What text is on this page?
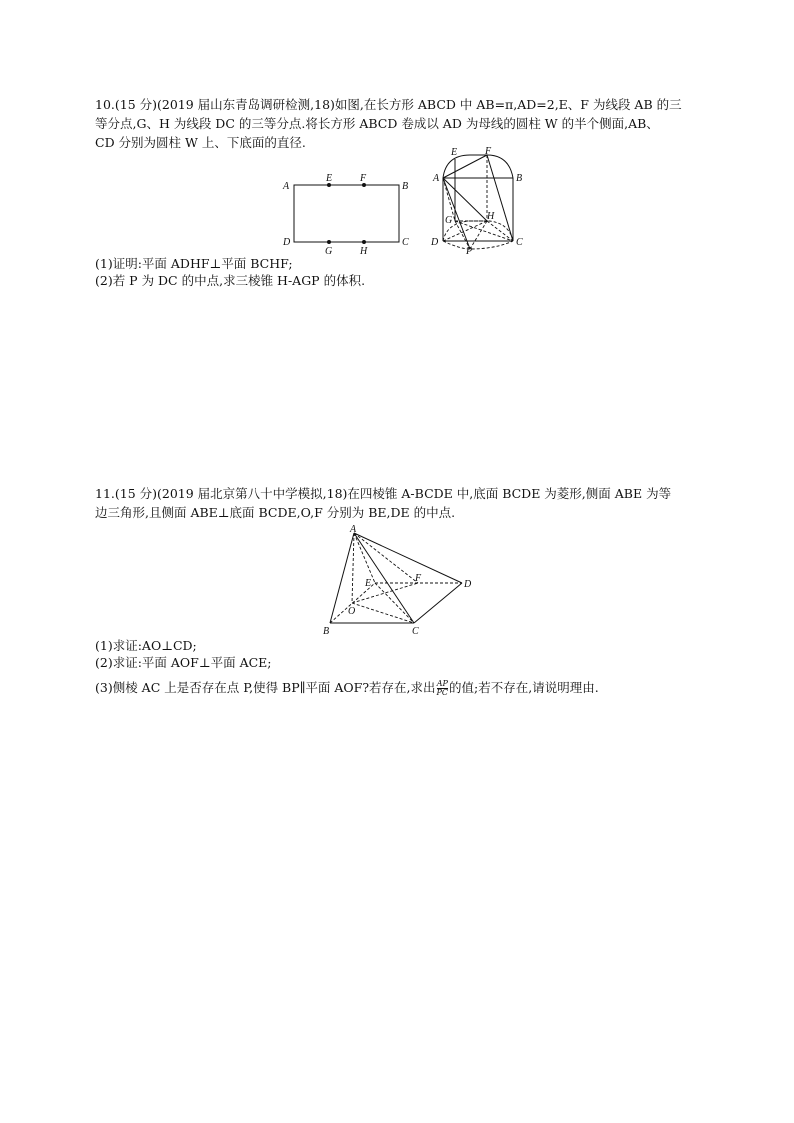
10.(15 分)(2019 届山东青岛调研检测,18)如图,在长方形 ABCD 中 AB=π,AD=2,E、F 为线段 AB 的三
等分点,G、H 为线段 DC 的三等分点.将长方形 ABCD 卷成以 AD 为母线的圆柱 W 的半个侧面,AB、
CD 分别为圆柱 W 上、下底面的直径.
A	B
C
D
E	F
G	H
A	B
C
D
E	F
G	H
P
(1)证明:平面 ADHF⊥平面 BCHF;
(2)若 P 为 DC 的中点,求三棱锥 H-AGP 的体积.
11.(15 分)(2019 届北京第八十中学模拟,18)在四棱锥 A-BCDE 中,底面 BCDE 为菱形,侧面 ABE 为等
边三角形,且侧面 ABE⊥底面 BCDE,O,F 分别为 BE,DE 的中点.
A
B	C
D
E	F
O
(1)求证:AO⊥CD;
(2)求证:平面 AOF⊥平面 ACE;
(3)侧棱 AC 上是否存在点 P,使得 BP∥平面 AOF?若存在,求出 $\frac{AP}{PC}$ 的值;若不存在,请说明理由.
